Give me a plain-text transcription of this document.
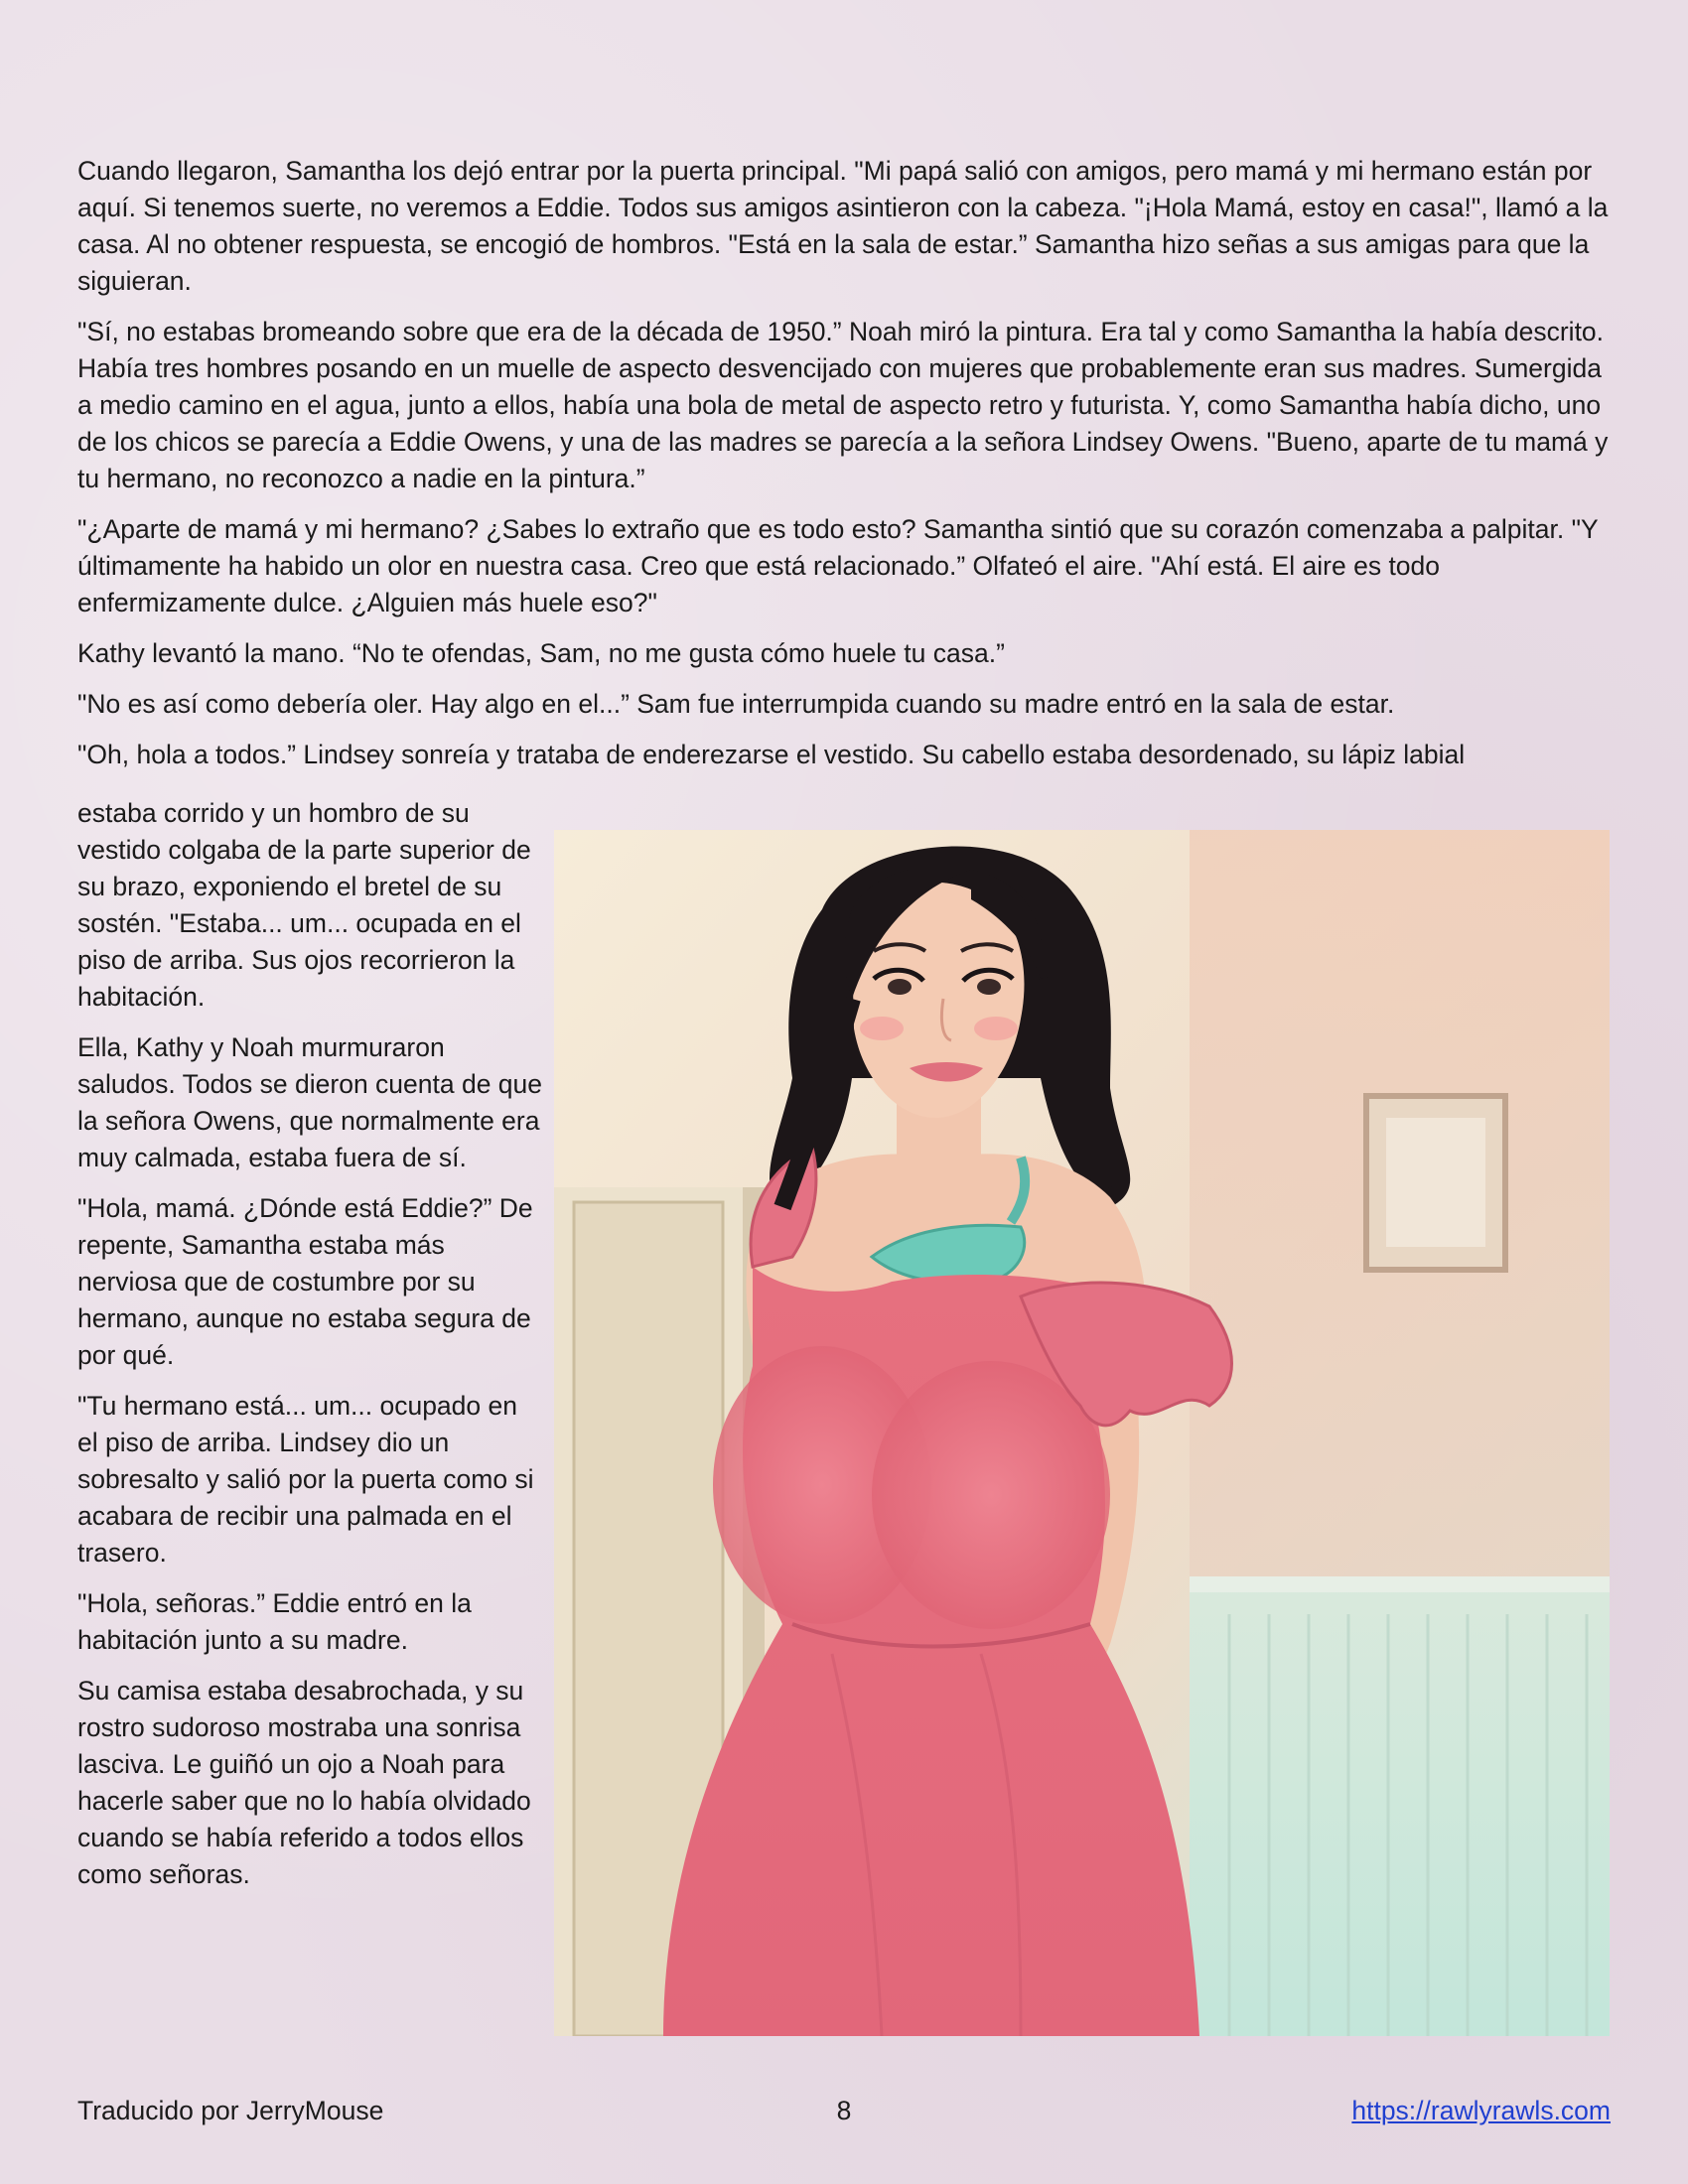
Cuando llegaron, Samantha los dejó entrar por la puerta principal. "Mi papá salió con amigos, pero mamá y mi hermano están por aquí. Si tenemos suerte, no veremos a Eddie. Todos sus amigos asintieron con la cabeza. "¡Hola Mamá, estoy en casa!", llamó a la casa. Al no obtener respuesta, se encogió de hombros. "Está en la sala de estar.” Samantha hizo señas a sus amigas para que la siguieran.

"Sí, no estabas bromeando sobre que era de la década de 1950.” Noah miró la pintura. Era tal y como Samantha la había descrito. Había tres hombres posando en un muelle de aspecto desvencijado con mujeres que probablemente eran sus madres. Sumergida a medio camino en el agua, junto a ellos, había una bola de metal de aspecto retro y futurista. Y, como Samantha había dicho, uno de los chicos se parecía a Eddie Owens, y una de las madres se parecía a la señora Lindsey Owens. "Bueno, aparte de tu mamá y tu hermano, no reconozco a nadie en la pintura.”

"¿Aparte de mamá y mi hermano? ¿Sabes lo extraño que es todo esto? Samantha sintió que su corazón comenzaba a palpitar. "Y últimamente ha habido un olor en nuestra casa. Creo que está relacionado.” Olfateó el aire. "Ahí está. El aire es todo enfermizamente dulce. ¿Alguien más huele eso?"

Kathy levantó la mano. “No te ofendas, Sam, no me gusta cómo huele tu casa.”

"No es así como debería oler. Hay algo en el...” Sam fue interrumpida cuando su madre entró en la sala de estar.

"Oh, hola a todos.” Lindsey sonreía y trataba de enderezarse el vestido. Su cabello estaba desordenado, su lápiz labial

estaba corrido y un hombro de su vestido colgaba de la parte superior de su brazo, exponiendo el bretel de su sostén. "Estaba... um... ocupada en el piso de arriba. Sus ojos recorrieron la habitación.

Ella, Kathy y Noah murmuraron saludos. Todos se dieron cuenta de que la señora Owens, que normalmente era muy calmada, estaba fuera de sí.

"Hola, mamá. ¿Dónde está Eddie?” De repente, Samantha estaba más nerviosa que de costumbre por su hermano, aunque no estaba segura de por qué.

"Tu hermano está... um... ocupado en el piso de arriba. Lindsey dio un sobresalto y salió por la puerta como si acabara de recibir una palmada en el trasero.

"Hola, señoras.” Eddie entró en la habitación junto a su madre.

Su camisa estaba desabrochada, y su rostro sudoroso mostraba una sonrisa lasciva. Le guiñó un ojo a Noah para hacerle saber que no lo había olvidado cuando se había referido a todos ellos como señoras.

Traducido por JerryMouse	8	https://rawlyrawls.com
